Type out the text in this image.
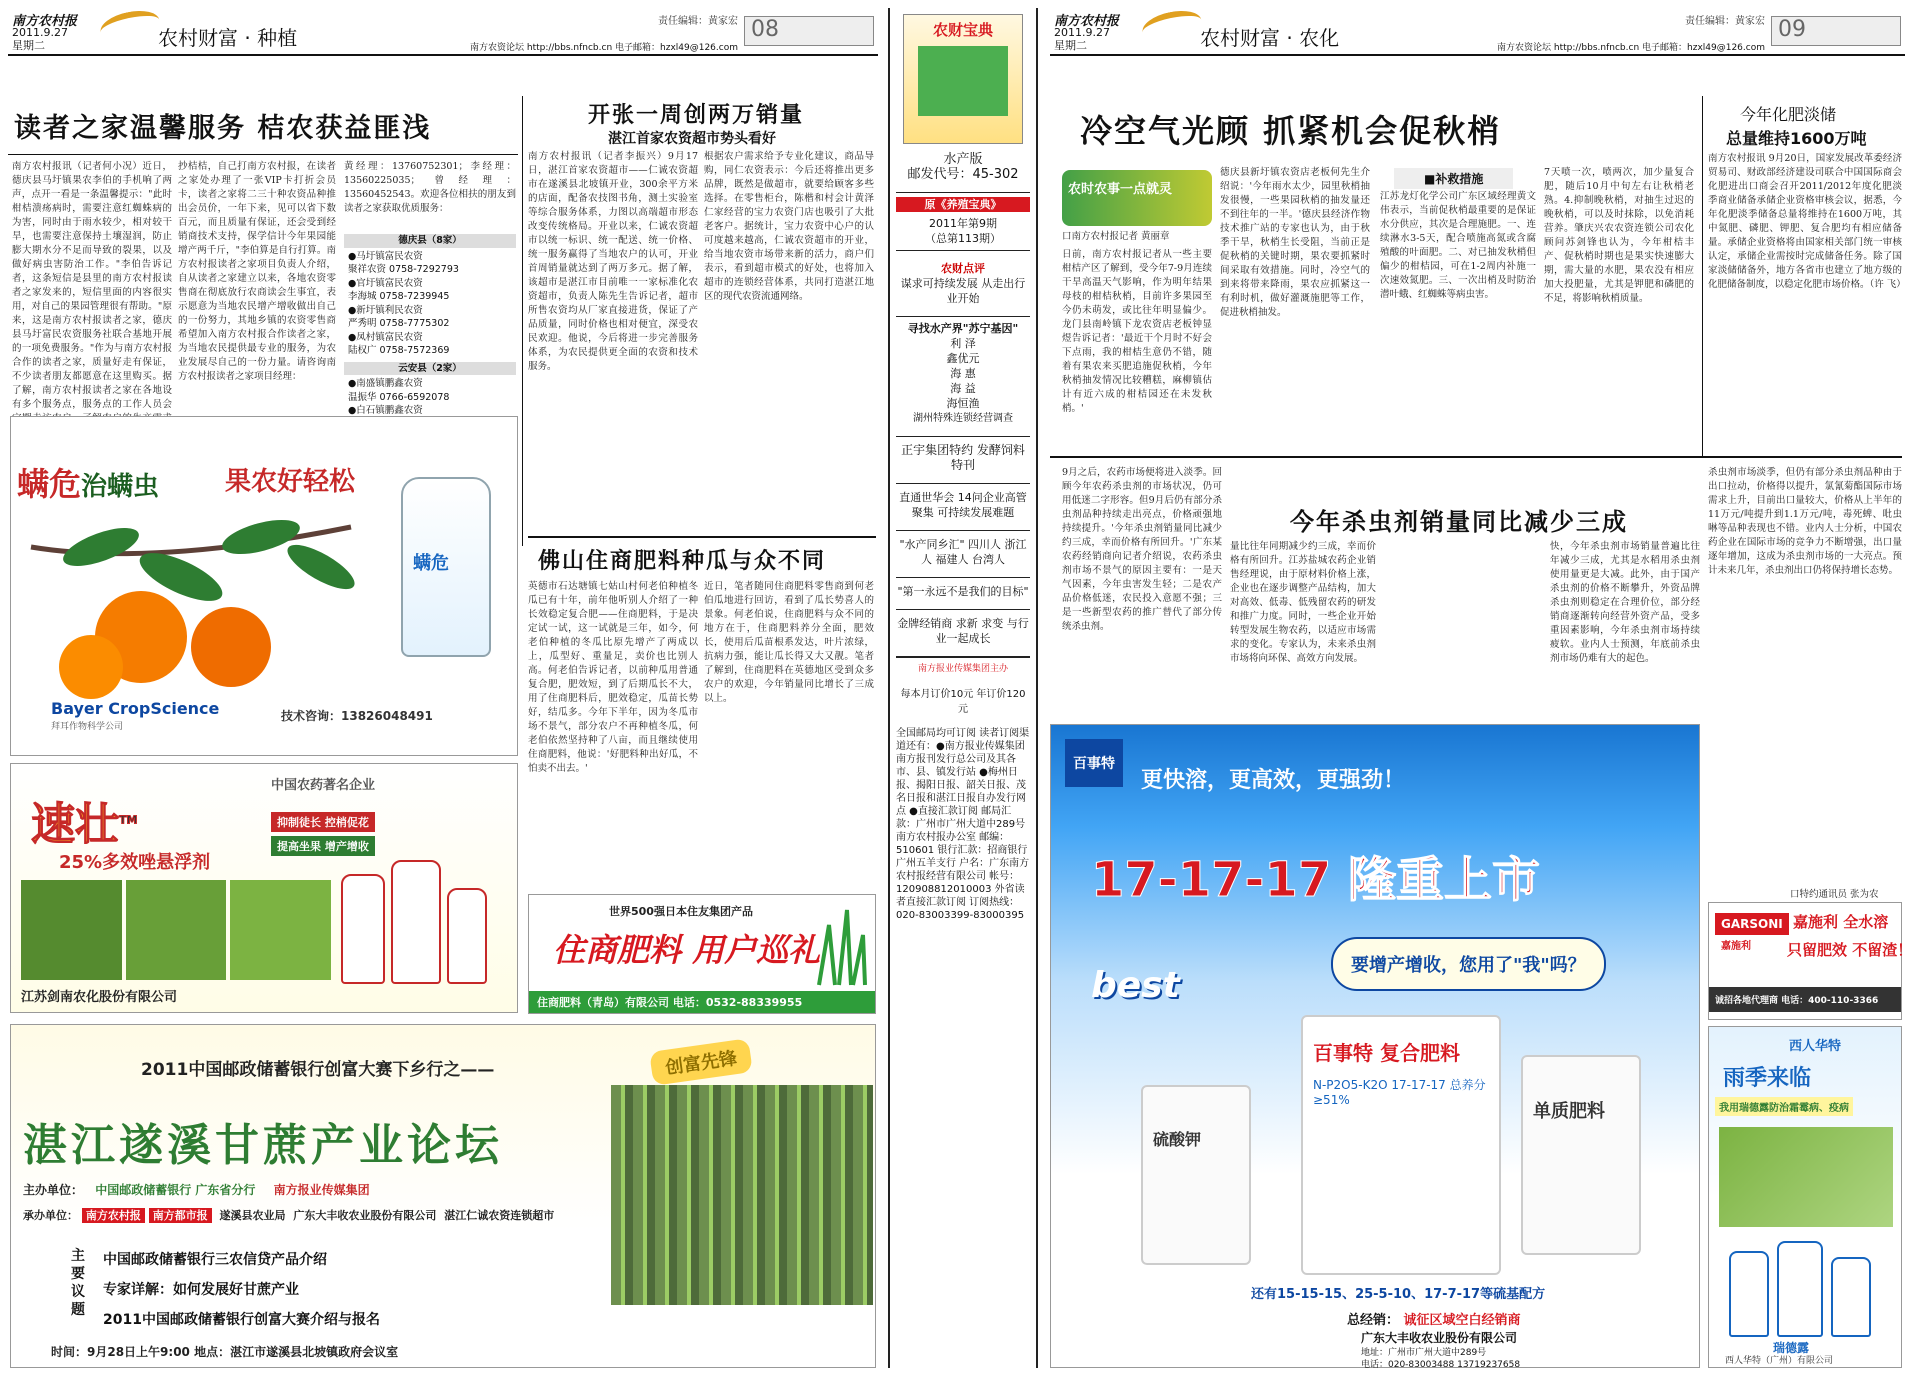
南方农村报
2011.9.27
星期二	农村财富 · 种植
责任编辑：黄家宏
南方农资论坛 http://bbs.nfncb.cn 电子邮箱：hzxl49@126.com
08
读者之家温馨服务 桔农获益匪浅
南方农村报讯（记者何小况）近日，德庆县马圩镇果农李伯的手机响了两声，点开一看是一条温馨提示："此时柑桔溃疡病时，需要注意红蜘蛛病的为害，同时由于雨水较少，相对较干旱，也需要注意保持土壤湿润，防止膨大期水分不足而导致的裂果，以及做好病虫害防治工作。"李伯告诉记者，这条短信是县里的南方农村报读者之家发来的，短信里面的内容很实用，对自己的果园管理很有帮助。"原来，这是南方农村报读者之家，德庆县马圩富民农资服务社联合基地开展的一项免费服务。"作为与南方农村报合作的读者之家，质量好走有保证，不少读者朋友都愿意在这里购买。据了解，南方农村报读者之家在各地设有多个服务点，服务点的工作人员会
抄桔桔，自己打南方农村报，在读者之家处办理了一张VIP卡打折会员卡，读者之家将二三十种农资品种推出会员价，一年下来，见可以省下数百元，而且质量有保证，还会受到经销商技术支持，保学信计今年果园能增产两千斤，"李伯算是自行打算。南方农村报读者之家项目负责人介绍，自从读者之家建立以来，各地农资零售商在彻底放行农商读会生事宜，表示愿意为当地农民增产增收做出自己的一份努力，其地乡镇的农资零售商希望加入南方农村报合作读者之家，为当地农民提供最专业的服务，为农业发展尽自己的一份力量。请咨询南方农村报读者之家项目经理：
黄经理：13760752301；李经理：13560225035；曾经理：13560452543。欢迎各位相扶的朋友到读者之家获取优质服务：
德庆县（8家）
●马圩镇富民农资
聚祥农资 0758-7292793
●官圩镇富民农资
李海城 0758-7239945
●新圩镇利民农资
严秀明 0758-7775302
●凤村镇富民农资
陆权广 0758-7572369
云安县（2家）
●南盛镇鹏鑫农资
温振华 0766-6592078
●白石镇鹏鑫农资
开张一周创两万销量
湛江首家农资超市势头看好
南方农村报讯（记者李振兴）9月17日，湛江首家农资超市——仁诚农资超市在遂溪县北坡镇开业，300余平方米的店面，配备农技图书角，测土实验室等综合服务体系，力图以高端超市形态改变传统格局。开业以来，仁诚农资超市以统一标识、统一配送、统一价格、统一服务赢得了当地农户的认可，开业首周销量就达到了两万多元。据了解，该超市是湛江市目前唯一一家标准化农资超市，负责人陈先生告诉记者，超市所售农资均从厂家直接进货，保证了产品质量，同时价格也相对便宜，深受农民欢迎。他说，今后将进一步完善服务体系，为农民提供更全面的农资和技术服务。
根据农户需求给予专业化建议，商品导购，同仁农资表示：今后还将推出更多品牌，既然是做超市，就要给顾客多些选择。在零售柜台，陈楷和村会计黄泽仁家经营的宝力农资门店也吸引了大批老客户。据统计，宝力农资中心户的认可度越来越高，仁诚农资超市的开业，给当地农资市场带来新的活力，商户们表示，看到超市模式的好处，也将加入超市的连锁经营体系，共同打造湛江地区的现代农资流通网络。
佛山住商肥料种瓜与众不同
英德市石达塘镇七姑山村何老伯种植冬瓜已有十年，前年他听别人介绍了一种长效稳定复合肥——住商肥料，于是决定试一试，这一试就是三年，如今，何老伯种植的冬瓜比原先增产了两成以上，瓜型好、重量足，卖价也比别人高。何老伯告诉记者，以前种瓜用普通复合肥，肥效短，到了后期瓜长不大，用了住商肥料后，肥效稳定，瓜苗长势好，结瓜多。今年下半年，因为冬瓜市场不景气，部分农户不再种植冬瓜，何老伯依然坚持种了八亩，而且继续使用住商肥料，他说：'好肥料种出好瓜，不怕卖不出去。'
近日，笔者随同住商肥料零售商到何老伯瓜地进行回访，看到了瓜长势喜人的景象。何老伯说，住商肥料与众不同的地方在于，住商肥料养分全面，肥效长，使用后瓜苗根系发达，叶片浓绿，抗病力强，能让瓜长得又大又靓。笔者了解到，住商肥料在英德地区受到众多农户的欢迎，今年销量同比增长了三成以上。
螨危治螨虫	果农好轻松
螨危
Bayer CropScience
拜耳作物科学公司
技术咨询：13826048491
中国农药著名企业
速壮™
25%多效唑悬浮剂
抑制徒长 控梢促花
提高坐果 增产增收
江苏剑南农化股份有限公司
世界500强日本住友集团产品
住商肥料 用户巡礼
住商肥料（青岛）有限公司 电话：0532-88339955
2011中国邮政储蓄银行创富大赛下乡行之——	创富先锋
湛江遂溪甘蔗产业论坛
主办单位： 中国邮政储蓄银行 广东省分行 南方报业传媒集团
承办单位： 南方农村报 南方都市报 遂溪县农业局 广东大丰收农业股份有限公司 湛江仁诚农资连锁超市
主要议题
中国邮政储蓄银行三农信贷产品介绍
专家详解：如何发展好甘蔗产业
2011中国邮政储蓄银行创富大赛介绍与报名
时间：9月28日上午9:00 地点：湛江市遂溪县北坡镇政府会议室
农财宝典
水产版
邮发代号：45-302
原《养殖宝典》
2011年第9期
（总第113期）
农财点评
谋求可持续发展 从走出行业开始
寻找水产界"苏宁基因"
利 泽
鑫优元
海 惠
海 益
海恒渔
湖州特殊连锁经营调查
正宇集团特约 发酵饲料特刊
直通世华会 14问企业高管聚集 可持续发展难题
"水产同乡汇" 四川人 浙江人 福建人 台湾人
"第一永远不是我们的目标"
金牌经销商 求新 求变 与行业一起成长
南方报业传媒集团主办
每本月订价10元 年订价120元
全国邮局均可订阅 读者订阅渠道还有：●南方报业传媒集团南方报刊发行总公司及其各市、县、镇发行站 ●梅州日报、揭阳日报、韶关日报、茂名日报和湛江日报自办发行网点 ●直接汇款订阅 邮局汇款：广州市广州大道中289号南方农村报办公室 邮编：510601 银行汇款：招商银行广州五羊支行 户名：广东南方农村报经营有限公司 帐号：120908812010003 外省读者直接汇款订阅 订阅热线：020-83003399-83000395
南方农村报
2011.9.27
星期二	农村财富 · 农化
责任编辑：黄家宏
南方农资论坛 http://bbs.nfncb.cn 电子邮箱：hzxl49@126.com
09
冷空气光顾 抓紧机会促秋梢
农时农事一点就灵
口南方农村报记者 黄丽章
日前，南方农村报记者从一些主要柑桔产区了解到，受今年7-9月连续干旱高温天气影响，作为明年结果母枝的柑桔秋梢，目前许多果园至今仍未萌发，或比往年明显偏少。龙门县南岭镇下龙农资店老板钟显煜告诉记者：'最近干个月时不好会下点雨，我的柑桔生意仍不错，随着有果农来买肥追施促秋梢，今年秋梢抽发情况比较糟糕，麻柳镇估计有近六成的柑桔园还在未发秋梢。'
德庆县新圩镇农资店老板何先生介绍说：'今年雨水太少，园里秋梢抽发很慢，一些果园秋梢的抽发量还不到往年的一半。'德庆县经济作物技术推广站的专家也认为，由于秋季干旱，秋梢生长受阻，当前正是促秋梢的关键时期，果农要抓紧时间采取有效措施。同时，冷空气的到来将带来降雨，果农应抓紧这一有利时机，做好灌溉施肥等工作，促进秋梢抽发。
■补救措施
江苏龙灯化学公司广东区域经理黄文伟表示，当前促秋梢最重要的是保证水分供应，其次是合理施肥。一、连续淋水3-5天，配合喷施高氮或含腐殖酸的叶面肥。二、对已抽发秋梢但偏少的柑桔园，可在1-2周内补施一次速效氮肥。三、一次出梢及时防治潜叶蛾、红蜘蛛等病虫害。
7天喷一次，喷两次，加少量复合肥，随后10月中旬左右让秋梢老熟。4.抑制晚秋梢，对抽生过迟的晚秋梢，可以及时抹除，以免消耗营养。肇庆兴农农资连锁公司农化顾问苏剑锋也认为，今年柑桔丰产、促秋梢时期也是果实快速膨大期，需大量的水肥，果农没有相应加大投肥量，尤其是钾肥和磷肥的不足，将影响秋梢质量。
今年化肥淡储
总量维持1600万吨
南方农村报讯 9月20日，国家发展改革委经济贸易司、财政部经济建设司联合中国国际商会化肥进出口商会召开2011/2012年度化肥淡季商业储备承储企业资格审核会议，据悉，今年化肥淡季储备总量将维持在1600万吨，其中氮肥、磷肥、钾肥、复合肥均有相应储备量。承储企业资格将由国家相关部门统一审核认定，承储企业需按时完成储备任务。除了国家淡储储备外，地方各省市也建立了地方级的化肥储备制度，以稳定化肥市场价格。（许 飞）
今年杀虫剂销量同比减少三成
9月之后，农药市场便将进入淡季。回顾今年农药杀虫剂的市场状况，仍可用低迷二字形容。但9月后仍有部分杀虫剂品种持续走出亮点，价格顽强地持续提升。'今年杀虫剂销量同比减少约三成，幸而价格有所回升。'广东某农药经销商向记者介绍说，农药杀虫剂市场不景气的原因主要有：一是天气因素，今年虫害发生轻；二是农产品价格低迷，农民投入意愿不强；三是一些新型农药的推广替代了部分传统杀虫剂。
量比往年同期减少约三成，幸而价格有所回升。江苏盐城农药企业销售经理说，由于原材料价格上涨，企业也在逐步调整产品结构，加大对高效、低毒、低残留农药的研发和推广力度。同时，一些企业开始转型发展生物农药，以适应市场需求的变化。专家认为，未来杀虫剂市场将向环保、高效方向发展。
快，今年杀虫剂市场销量普遍比往年减少三成，尤其是水稻用杀虫剂使用量更是大减。此外，由于国产杀虫剂的价格不断攀升，外资品牌杀虫剂则稳定在合理价位，部分经销商逐渐转向经营外资产品，受多重因素影响，今年杀虫剂市场持续疲软。业内人士预测，年底前杀虫剂市场仍难有大的起色。
杀虫剂市场淡季，但仍有部分杀虫剂品种由于出口拉动，价格得以提升，氯氰菊酯国际市场需求上升，目前出口量较大，价格从上半年的11万元/吨提升到1.1万元/吨，毒死蜱、吡虫啉等品种表现也不错。业内人士分析，中国农药企业在国际市场的竞争力不断增强，出口量逐年增加，这成为杀虫剂市场的一大亮点。预计未来几年，杀虫剂出口仍将保持增长态势。
口特约通讯员 张为农
百事特
更快溶，更高效，更强劲！
17-17-17 隆重上市
best	要增产增收，您用了"我"吗？
百事特 复合肥料
N-P2O5-K2O 17-17-17 总养分≥51%
单质肥料
硫酸钾
还有15-15-15、25-5-10、17-7-17等硫基配方
总经销： 诚征区域空白经销商
广东大丰收农业股份有限公司
地址：广州市广州大道中289号
电话：020-83003488 13719237658
GARSONI
嘉施利
嘉施利 全水溶
只留肥效 不留渣！
诚招各地代理商 电话：400-110-3366
西人华特
雨季来临
我用瑞德露防治霜霉病、疫病
瑞德露
西人华特（广州）有限公司
